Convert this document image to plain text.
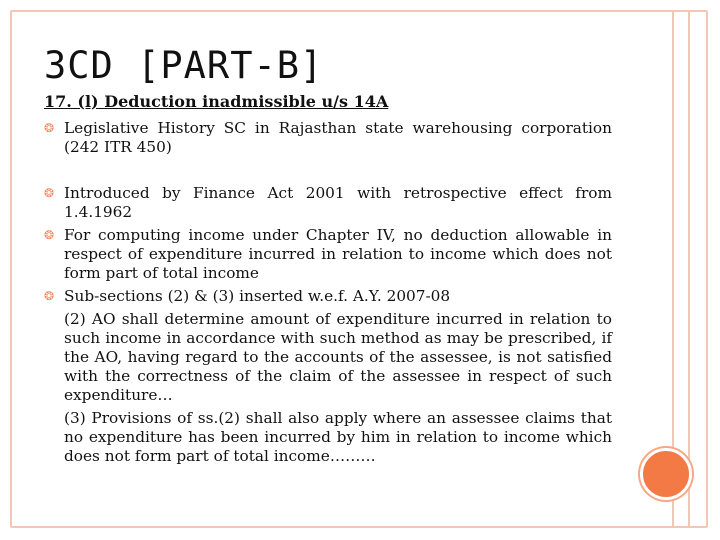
3CD [PART-B]
17. (l) Deduction inadmissible u/s 14A
❂ Legislative History SC in Rajasthan state warehousing corporation (242 ITR 450)
❂ Introduced by Finance Act 2001 with retrospective effect from 1.4.1962
❂ For computing income under Chapter IV, no deduction allowable in respect of expenditure incurred in relation to income which does not form part of total income
❂ Sub-sections (2) & (3) inserted w.e.f. A.Y. 2007-08
(2) AO shall determine amount of expenditure incurred in relation to such income in accordance with such method as may be prescribed, if the AO, having regard to the accounts of the assessee, is not satisfied with the correctness of the claim of the assessee in respect of such expenditure…
(3) Provisions of ss.(2) shall also apply where an assessee claims that no expenditure has been incurred by him in relation to income which does not form part of total income………
